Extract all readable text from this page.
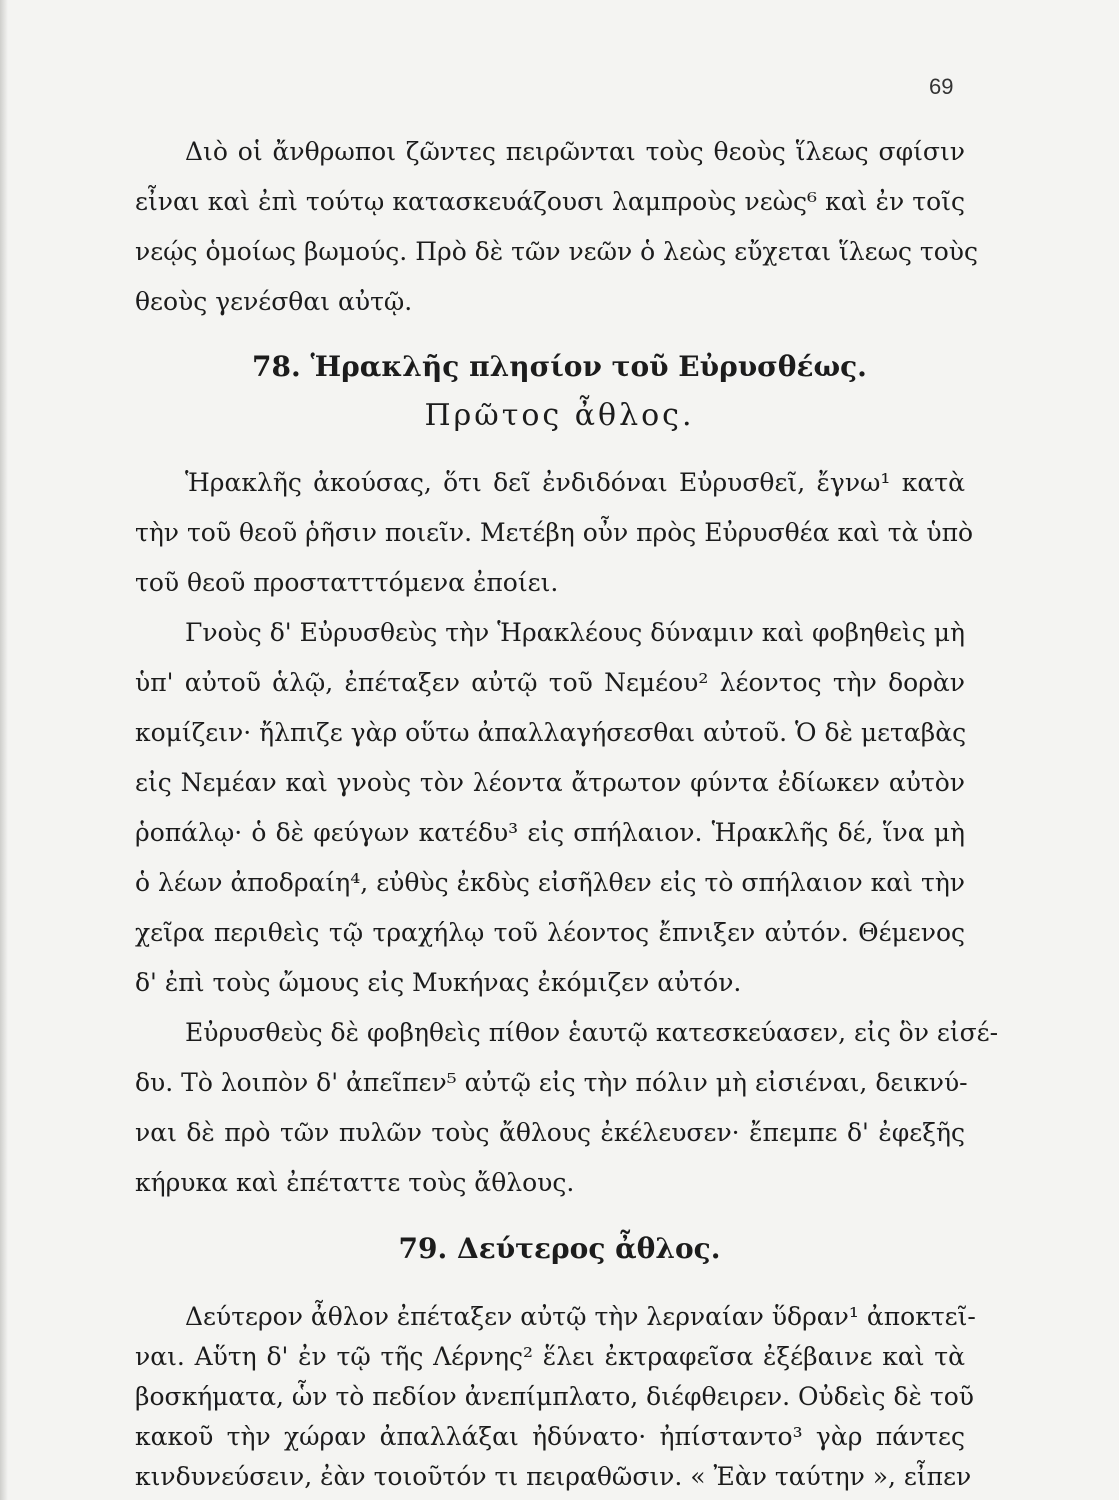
69
Διὸ οἱ ἄνθρωποι ζῶντες πειρῶνται τοὺς θεοὺς ἵλεως σφίσιν
εἶναι καὶ ἐπὶ τούτῳ κατασκευάζουσι λαμπροὺς νεὼς⁶ καὶ ἐν τοῖς
νεῴς ὁμοίως βωμούς. Πρὸ δὲ τῶν νεῶν ὁ λεὼς εὔχεται ἵλεως τοὺς
θεοὺς γενέσθαι αὐτῷ.
78. Ἡρακλῆς πλησίον τοῦ Εὐρυσθέως.
Πρῶτος ἆθλος.
Ἡρακλῆς ἀκούσας, ὅτι δεῖ ἐνδιδόναι Εὐρυσθεῖ, ἔγνω¹ κατὰ
τὴν τοῦ θεοῦ ῥῆσιν ποιεῖν. Μετέβη οὖν πρὸς Εὐρυσθέα καὶ τὰ ὑπὸ
τοῦ θεοῦ προστατττόμενα ἐποίει.
Γνοὺς δ' Εὐρυσθεὺς τὴν Ἡρακλέους δύναμιν καὶ φοβηθεὶς μὴ
ὑπ' αὐτοῦ ἁλῷ, ἐπέταξεν αὐτῷ τοῦ Νεμέου² λέοντος τὴν δορὰν
κομίζειν· ἤλπιζε γὰρ οὕτω ἀπαλλαγήσεσθαι αὐτοῦ. Ὁ δὲ μεταβὰς
εἰς Νεμέαν καὶ γνοὺς τὸν λέοντα ἄτρωτον φύντα ἐδίωκεν αὐτὸν
ῥοπάλῳ· ὁ δὲ φεύγων κατέδυ³ εἰς σπήλαιον. Ἡρακλῆς δέ, ἵνα μὴ
ὁ λέων ἀποδραίη⁴, εὐθὺς ἐκδὺς εἰσῆλθεν εἰς τὸ σπήλαιον καὶ τὴν
χεῖρα περιθεὶς τῷ τραχήλῳ τοῦ λέοντος ἔπνιξεν αὐτόν. Θέμενος
δ' ἐπὶ τοὺς ὤμους εἰς Μυκήνας ἐκόμιζεν αὐτόν.
Εὐρυσθεὺς δὲ φοβηθεὶς πίθον ἑαυτῷ κατεσκεύασεν, εἰς ὃν εἰσέ-
δυ. Τὸ λοιπὸν δ' ἀπεῖπεν⁵ αὐτῷ εἰς τὴν πόλιν μὴ εἰσιέναι, δεικνύ-
ναι δὲ πρὸ τῶν πυλῶν τοὺς ἄθλους ἐκέλευσεν· ἔπεμπε δ' ἐφεξῆς
κήρυκα καὶ ἐπέταττε τοὺς ἄθλους.
79. Δεύτερος ἆθλος.
Δεύτερον ἆθλον ἐπέταξεν αὐτῷ τὴν λερναίαν ὕδραν¹ ἀποκτεῖ-
ναι. Αὕτη δ' ἐν τῷ τῆς Λέρνης² ἕλει ἐκτραφεῖσα ἐξέβαινε καὶ τὰ
βοσκήματα, ὧν τὸ πεδίον ἀνεπίμπλατο, διέφθειρεν. Οὐδεὶς δὲ τοῦ
κακοῦ τὴν χώραν ἀπαλλάξαι ἠδύνατο· ἠπίσταντο³ γὰρ πάντες
κινδυνεύσειν, ἐὰν τοιοῦτόν τι πειραθῶσιν. « Ἐὰν ταύτην », εἶπεν
